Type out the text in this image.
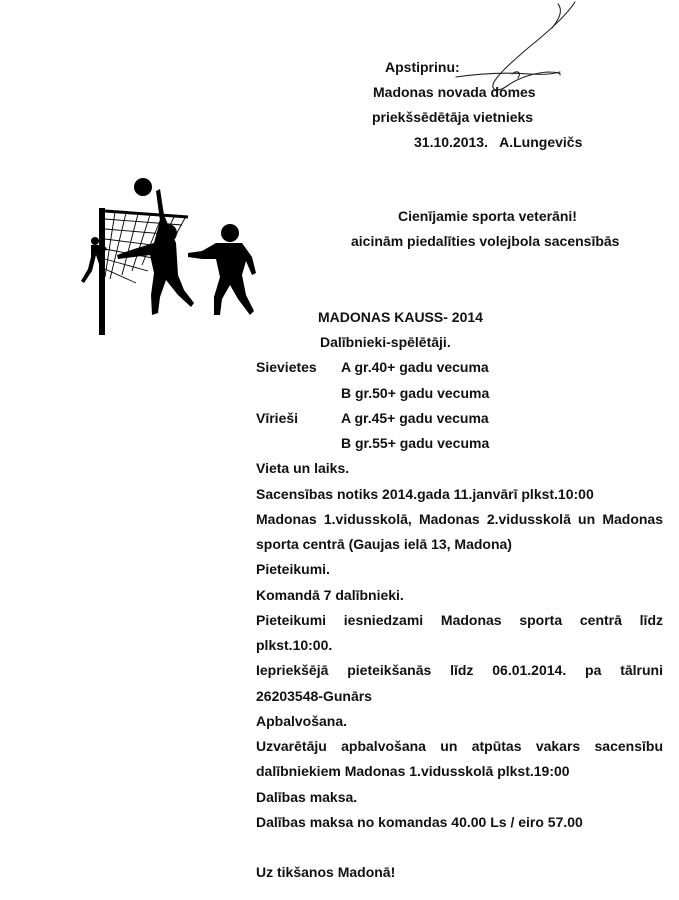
Apstiprinu:
Madonas novada domes
priekšsēdētāja vietnieks
31.10.2013.   A.Lungevičs
Cienījamie sporta veterāni!
aicinām piedalīties volejbola sacensībās
MADONAS KAUSS- 2014
Dalībnieki-spēlētāji.
Sievietes A gr.40+ gadu vecuma
B gr.50+ gadu vecuma
Vīrieši	A gr.45+ gadu vecuma
B gr.55+ gadu vecuma
Vieta un laiks.
Sacensības notiks 2014.gada 11.janvārī plkst.10:00
Madonas 1.vidusskolā, Madonas 2.vidusskolā un Madonas
sporta centrā (Gaujas ielā 13, Madona)
Pieteikumi.
Komandā 7 dalībnieki.
Pieteikumi iesniedzami Madonas sporta centrā līdz
plkst.10:00.
Iepriekšējā pieteikšanās līdz 06.01.2014. pa tālruni
26203548-Gunārs
Apbalvošana.
Uzvarētāju apbalvošana un atpūtas vakars sacensību
dalībniekiem Madonas 1.vidusskolā plkst.19:00
Dalības maksa.
Dalības maksa no komandas 40.00 Ls / eiro 57.00
Uz tikšanos Madonā!
